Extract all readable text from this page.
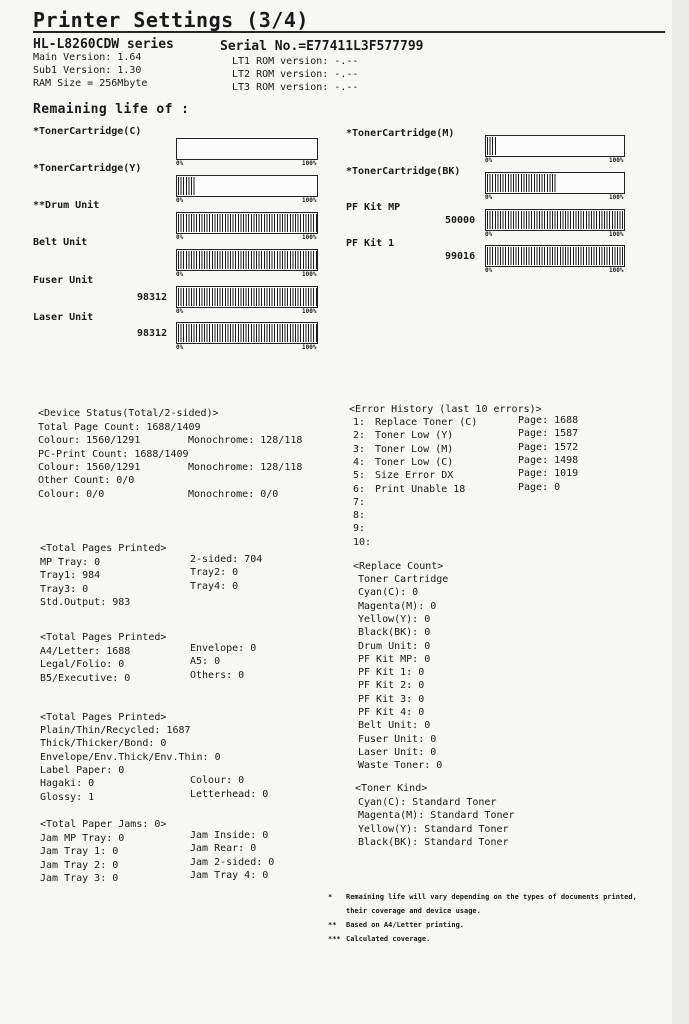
Printer Settings (3/4)
HL-L8260CDW series	Serial No.=E77411L3F577799
Main Version: 1.64
Sub1 Version: 1.30
RAM Size = 256Mbyte
LT1 ROM version: -.--
LT2 ROM version: -.--
LT3 ROM version: -.--
Remaining life of :
*TonerCartridge(C)
0%	100%
*TonerCartridge(Y)
0%	100%
**Drum Unit
0%	100%
Belt Unit
0%	100%
Fuser Unit
98312
0%	100%
Laser Unit
98312
0%	100%
*TonerCartridge(M)
0%	100%
*TonerCartridge(BK)
0%	100%
PF Kit MP
50000
0%	100%
PF Kit 1
99016
0%	100%
<Device Status(Total/2-sided)>
Total Page Count: 1688/1409
Colour: 1560/1291	Monochrome: 128/118
PC-Print Count: 1688/1409
Colour: 1560/1291	Monochrome: 128/118
Other Count: 0/0
Colour: 0/0	Monochrome: 0/0
<Error History (last 10 errors)>
1: Replace Toner (C)	Page: 1688
2: Toner Low (Y)	Page: 1587
3: Toner Low (M)	Page: 1572
4: Toner Low (C)	Page: 1498
5: Size Error DX	Page: 1019
6: Print Unable 18	Page: 0
7:
8:
9:
10:
<Total Pages Printed>
MP Tray: 0	2-sided: 704
Tray1: 984	Tray2: 0
Tray3: 0	Tray4: 0
Std.Output: 983
<Total Pages Printed>
A4/Letter: 1688	Envelope: 0
Legal/Folio: 0	A5: 0
B5/Executive: 0	Others: 0
<Total Pages Printed>
Plain/Thin/Recycled: 1687
Thick/Thicker/Bond: 0
Envelope/Env.Thick/Env.Thin: 0
Label Paper: 0
Hagaki: 0	Colour: 0
Glossy: 1	Letterhead: 0
<Total Paper Jams: 0>
Jam MP Tray: 0	Jam Inside: 0
Jam Tray 1: 0	Jam Rear: 0
Jam Tray 2: 0	Jam 2-sided: 0
Jam Tray 3: 0	Jam Tray 4: 0
<Replace Count>
Toner Cartridge
Cyan(C): 0
Magenta(M): 0
Yellow(Y): 0
Black(BK): 0
Drum Unit: 0
PF Kit MP: 0
PF Kit 1: 0
PF Kit 2: 0
PF Kit 3: 0
PF Kit 4: 0
Belt Unit: 0
Fuser Unit: 0
Laser Unit: 0
Waste Toner: 0
<Toner Kind>
Cyan(C): Standard Toner
Magenta(M): Standard Toner
Yellow(Y): Standard Toner
Black(BK): Standard Toner
* Remaining life will vary depending on the types of documents printed,
their coverage and device usage.
** Based on A4/Letter printing.
*** Calculated coverage.
